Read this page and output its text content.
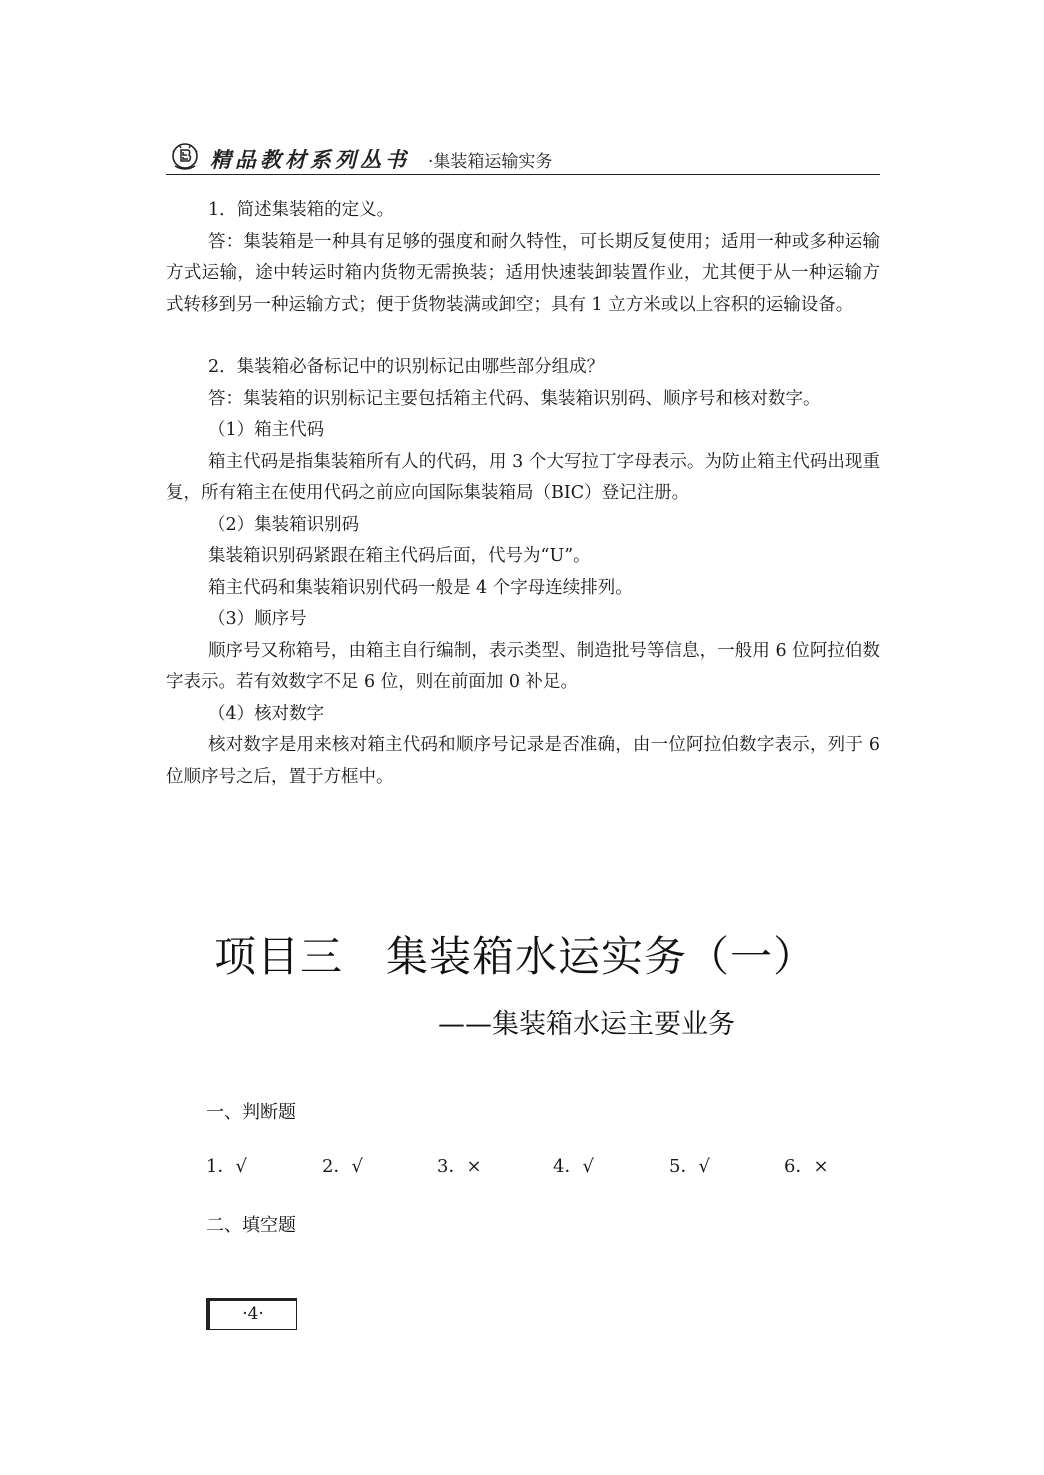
精品教材系列丛书 ·集装箱运输实务

1．简述集装箱的定义。

答：集装箱是一种具有足够的强度和耐久特性，可长期反复使用；适用一种或多种运输方式运输，途中转运时箱内货物无需换装；适用快速装卸装置作业，尤其便于从一种运输方式转移到另一种运输方式；便于货物装满或卸空；具有 1 立方米或以上容积的运输设备。

2．集装箱必备标记中的识别标记由哪些部分组成？

答：集装箱的识别标记主要包括箱主代码、集装箱识别码、顺序号和核对数字。

（1）箱主代码

箱主代码是指集装箱所有人的代码，用 3 个大写拉丁字母表示。为防止箱主代码出现重复，所有箱主在使用代码之前应向国际集装箱局（BIC）登记注册。

（2）集装箱识别码

集装箱识别码紧跟在箱主代码后面，代号为“U”。

箱主代码和集装箱识别代码一般是 4 个字母连续排列。

（3）顺序号

顺序号又称箱号，由箱主自行编制，表示类型、制造批号等信息，一般用 6 位阿拉伯数字表示。若有效数字不足 6 位，则在前面加 0 补足。

（4）核对数字

核对数字是用来核对箱主代码和顺序号记录是否准确，由一位阿拉伯数字表示，列于 6 位顺序号之后，置于方框中。

项目三　集装箱水运实务（一）
——集装箱水运主要业务
一、判断题
1．√	2．√	3．×	4．√	5．√	6．×
二、填空题
·4·
